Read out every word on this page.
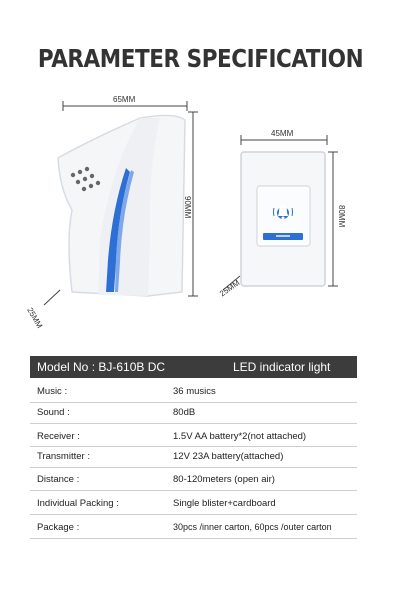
PARAMETER SPECIFICATION
65MM
90MM
25MM
45MM
80MM
25MM
Model No : BJ-610B DC	LED indicator light
Music :	36 musics
Sound :	80dB
Receiver :	1.5V AA battery*2(not attached)
Transmitter :	12V 23A battery(attached)
Distance :	80-120meters (open air)
Individual Packing :	Single blister+cardboard
Package :	30pcs /inner carton, 60pcs /outer carton
